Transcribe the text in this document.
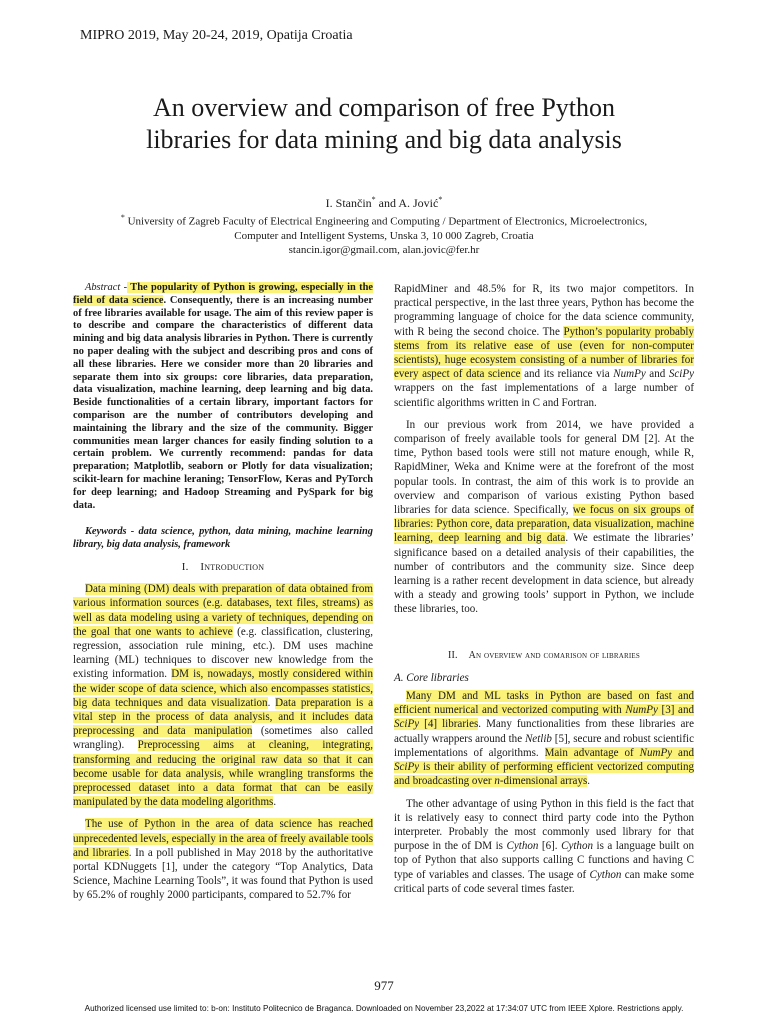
MIPRO 2019, May 20-24, 2019, Opatija Croatia
An overview and comparison of free Python
libraries for data mining and big data analysis
I. Stančin* and A. Jović*
* University of Zagreb Faculty of Electrical Engineering and Computing / Department of Electronics, Microelectronics,
Computer and Intelligent Systems, Unska 3, 10 000 Zagreb, Croatia
stancin.igor@gmail.com, alan.jovic@fer.hr
Abstract - The popularity of Python is growing, especially in the field of data science. Consequently, there is an increasing number of free libraries available for usage. The aim of this review paper is to describe and compare the characteristics of different data mining and big data analysis libraries in Python. There is currently no paper dealing with the subject and describing pros and cons of all these libraries. Here we consider more than 20 libraries and separate them into six groups: core libraries, data preparation, data visualization, machine learning, deep learning and big data. Beside functionalities of a certain library, important factors for comparison are the number of contributors developing and maintaining the library and the size of the community. Bigger communities mean larger chances for easily finding solution to a certain problem. We currently recommend: pandas for data preparation; Matplotlib, seaborn or Plotly for data visualization; scikit-learn for machine leraning; TensorFlow, Keras and PyTorch for deep learning; and Hadoop Streaming and PySpark for big data.
Keywords - data science, python, data mining, machine learning library, big data analysis, framework
I. Introduction

Data mining (DM) deals with preparation of data obtained from various information sources (e.g. databases, text files, streams) as well as data modeling using a variety of techniques, depending on the goal that one wants to achieve (e.g. classification, clustering, regression, association rule mining, etc.). DM uses machine learning (ML) techniques to discover new knowledge from the existing information. DM is, nowadays, mostly considered within the wider scope of data science, which also encompasses statistics, big data techniques and data visualization. Data preparation is a vital step in the process of data analysis, and it includes data preprocessing and data manipulation (sometimes also called wrangling). Preprocessing aims at cleaning, integrating, transforming and reducing the original raw data so that it can become usable for data analysis, while wrangling transforms the preprocessed dataset into a data format that can be easily manipulated by the data modeling algorithms.

The use of Python in the area of data science has reached unprecedented levels, especially in the area of freely available tools and libraries. In a poll published in May 2018 by the authoritative portal KDNuggets [1], under the category “Top Analytics, Data Science, Machine Learning Tools”, it was found that Python is used by 65.2% of roughly 2000 participants, compared to 52.7% for

RapidMiner and 48.5% for R, its two major competitors. In practical perspective, in the last three years, Python has become the programming language of choice for the data science community, with R being the second choice. The Python’s popularity probably stems from its relative ease of use (even for non-computer scientists), huge ecosystem consisting of a number of libraries for every aspect of data science and its reliance via NumPy and SciPy wrappers on the fast implementations of a large number of scientific algorithms written in C and Fortran.

In our previous work from 2014, we have provided a comparison of freely available tools for general DM [2]. At the time, Python based tools were still not mature enough, while R, RapidMiner, Weka and Knime were at the forefront of the most popular tools. In contrast, the aim of this work is to provide an overview and comparison of various existing Python based libraries for data science. Specifically, we focus on six groups of libraries: Python core, data preparation, data visualization, machine learning, deep learning and big data. We estimate the libraries’ significance based on a detailed analysis of their capabilities, the number of contributors and the community size. Since deep learning is a rather recent development in data science, but already with a steady and growing tools’ support in Python, we include these libraries, too.

II. An overview and comarison of libraries
A. Core libraries

Many DM and ML tasks in Python are based on fast and efficient numerical and vectorized computing with NumPy [3] and SciPy [4] libraries. Many functionalities from these libraries are actually wrappers around the Netlib [5], secure and robust scientific implementations of algorithms. Main advantage of NumPy and SciPy is their ability of performing efficient vectorized computing and broadcasting over n-dimensional arrays.

The other advantage of using Python in this field is the fact that it is relatively easy to connect third party code into the Python interpreter. Probably the most commonly used library for that purpose in the of DM is Cython [6]. Cython is a language built on top of Python that also supports calling C functions and having C type of variables and classes. The usage of Cython can make some critical parts of code several times faster.

977
Authorized licensed use limited to: b-on: Instituto Politecnico de Braganca. Downloaded on November 23,2022 at 17:34:07 UTC from IEEE Xplore. Restrictions apply.
